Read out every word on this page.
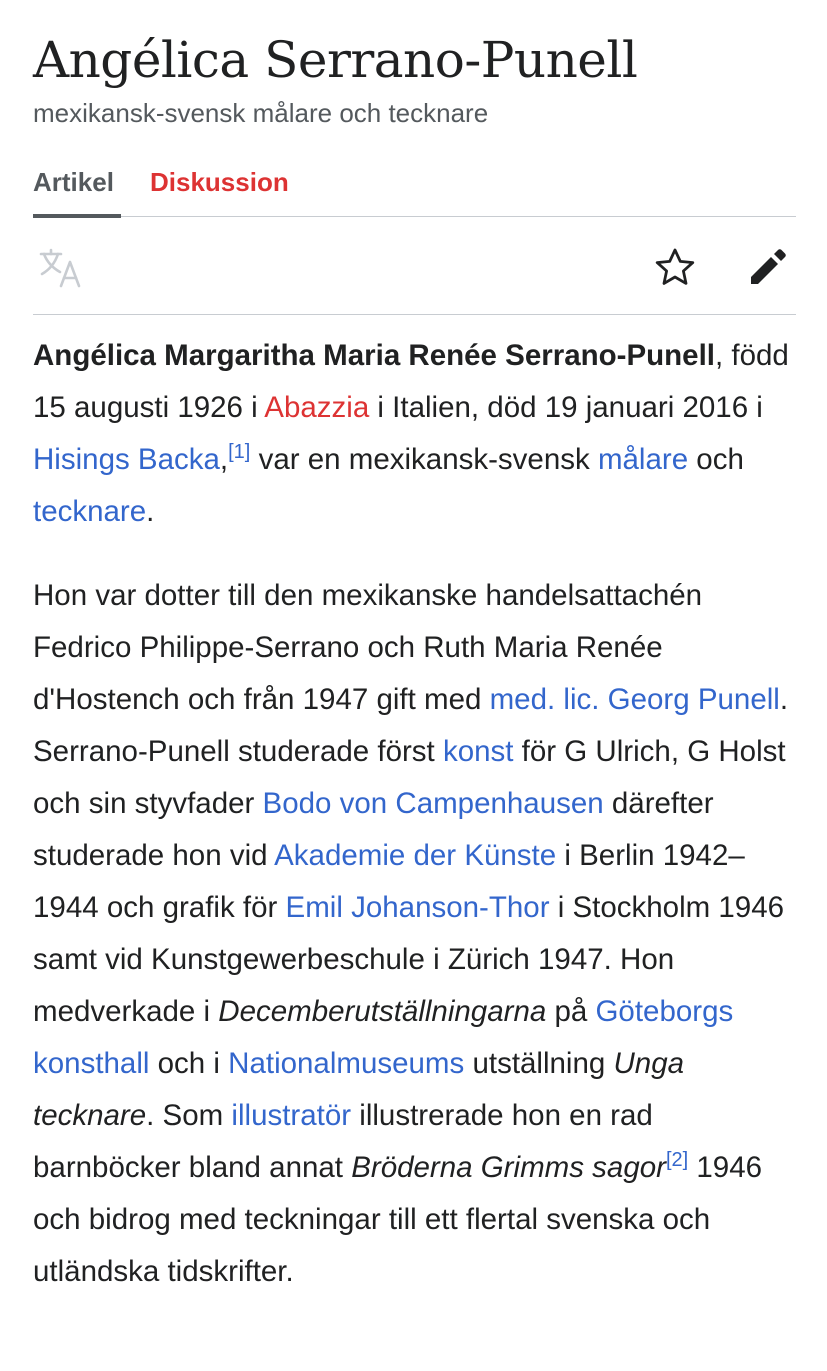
Angélica Serrano-Punell
mexikansk-svensk målare och tecknare
Artikel Diskussion

Angélica Margaritha Maria Renée Serrano-Punell, född 15 augusti 1926 i Abazzia i Italien, död 19 januari 2016 i Hisings Backa,[1] var en mexikansk-svensk målare och tecknare.

Hon var dotter till den mexikanske handelsattachén Fedrico Philippe-Serrano och Ruth Maria Renée d'Hostench och från 1947 gift med med. lic. Georg Punell. Serrano-Punell studerade först konst för G Ulrich, G Holst och sin styvfader Bodo von Campenhausen därefter studerade hon vid Akademie der Künste i Berlin 1942–1944 och grafik för Emil Johanson-Thor i Stockholm 1946 samt vid Kunstgewerbeschule i Zürich 1947. Hon medverkade i Decemberutställningarna på Göteborgs konsthall och i Nationalmuseums utställning Unga tecknare. Som illustratör illustrerade hon en rad barnböcker bland annat Bröderna Grimms sagor[2] 1946 och bidrog med teckningar till ett flertal svenska och utländska tidskrifter.
